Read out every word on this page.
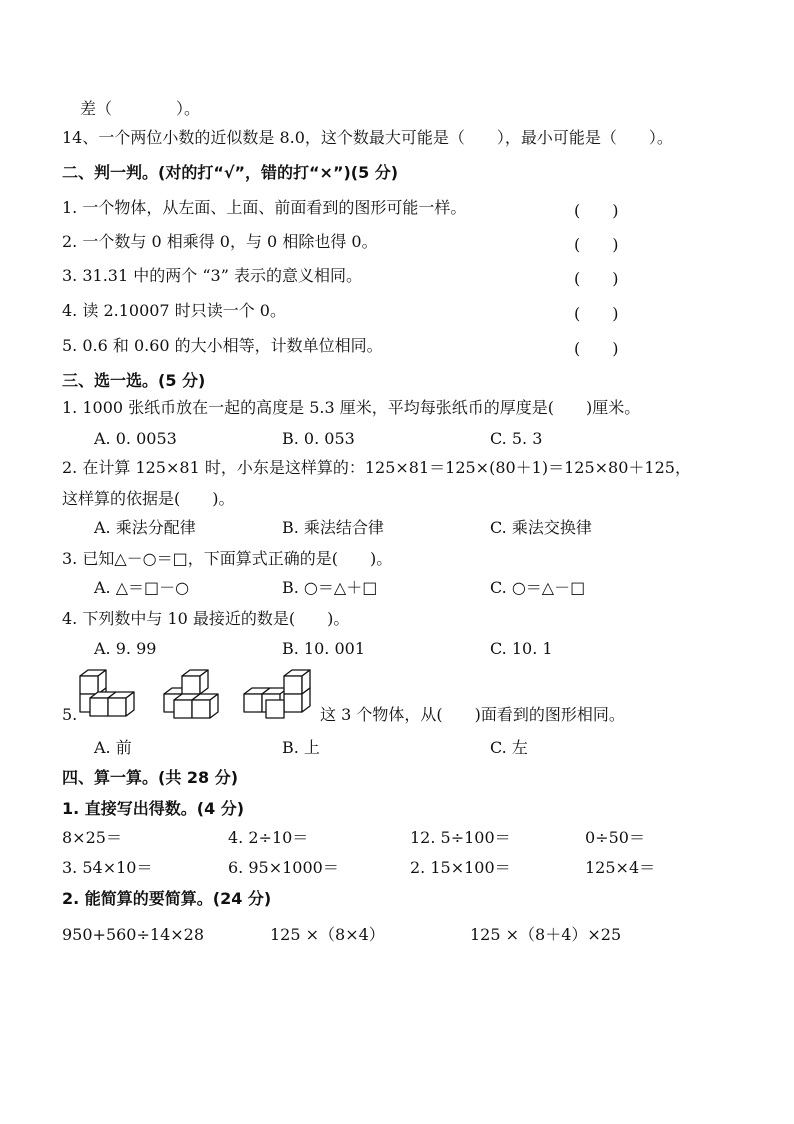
差（　　　　）。
14、一个两位小数的近似数是 8.0，这个数最大可能是（　　），最小可能是（　　）。
二、判一判。(对的打“√”，错的打“×”)(5 分)
1. 一个物体，从左面、上面、前面看到的图形可能一样。	(　　)
2. 一个数与 0 相乘得 0，与 0 相除也得 0。	(　　)
3. 31.31 中的两个 “3” 表示的意义相同。	(　　)
4. 读 2.10007 时只读一个 0。	(　　)
5. 0.6 和 0.60 的大小相等，计数单位相同。	(　　)
三、选一选。(5 分)
1. 1000 张纸币放在一起的高度是 5.3 厘米，平均每张纸币的厚度是(　　)厘米。
A. 0. 0053	B. 0. 053	C. 5. 3
2. 在计算 125×81 时，小东是这样算的：125×81＝125×(80＋1)＝125×80＋125，
这样算的依据是(　　)。
A. 乘法分配律	B. 乘法结合律	C. 乘法交换律
3. 已知△－○＝□，下面算式正确的是(　　)。
A. △＝□－○	B. ○＝△＋□	C. ○＝△－□
4. 下列数中与 10 最接近的数是(　　)。
A. 9. 99	B. 10. 001	C. 10. 1
5.	这 3 个物体，从(　　)面看到的图形相同。
A. 前	B. 上	C. 左
四、算一算。(共 28 分)
1. 直接写出得数。(4 分)
8×25＝	4. 2÷10＝	12. 5÷100＝	0÷50＝
3. 54×10＝	6. 95×1000＝	2. 15×100＝	125×4＝
2. 能简算的要简算。(24 分)
950+560÷14×28	125 ×（8×4）	125 ×（8＋4）×25
